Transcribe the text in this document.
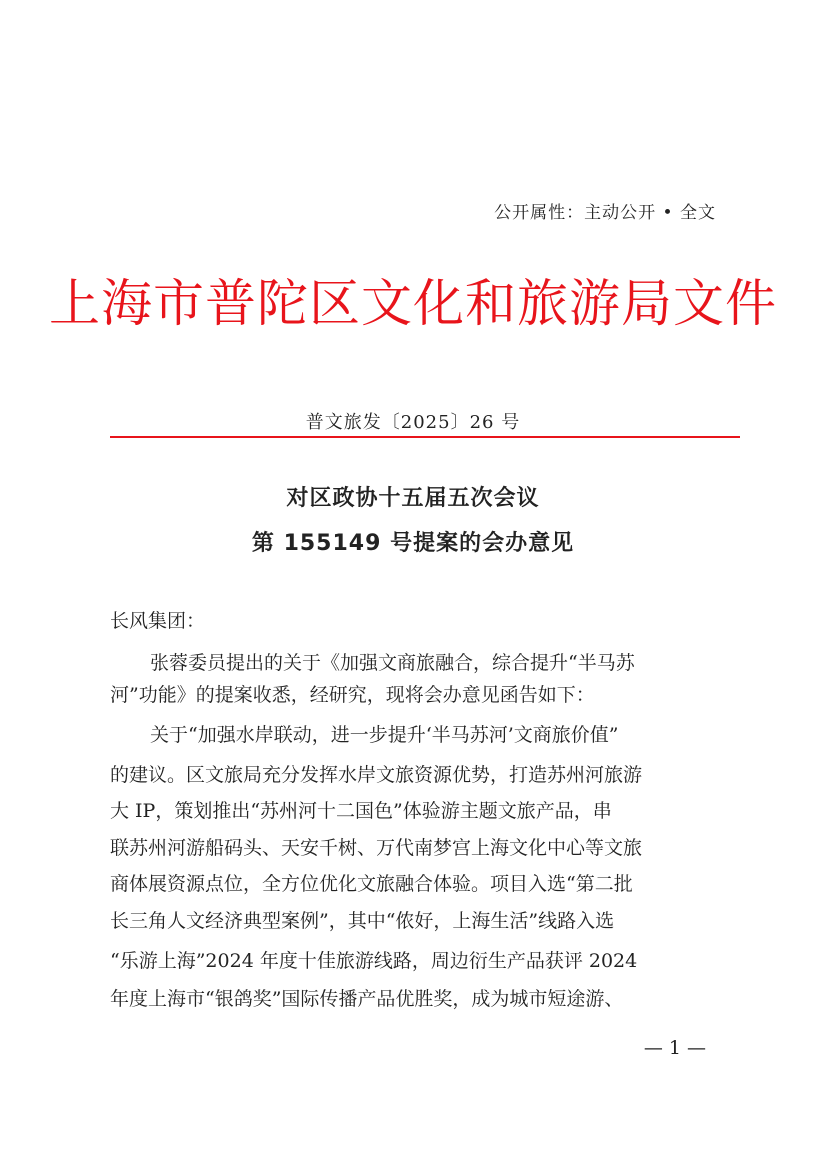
公开属性：主动公开 • 全文
上海市普陀区文化和旅游局文件
普文旅发〔2025〕26 号
对区政协十五届五次会议
第 155149 号提案的会办意见
长风集团：
张蓉委员提出的关于《加强文商旅融合，综合提升“半马苏
河”功能》的提案收悉，经研究，现将会办意见函告如下：
关于“加强水岸联动，进一步提升‘半马苏河’文商旅价值”
的建议。区文旅局充分发挥水岸文旅资源优势，打造苏州河旅游
大 IP，策划推出“苏州河十二国色”体验游主题文旅产品，串
联苏州河游船码头、天安千树、万代南梦宫上海文化中心等文旅
商体展资源点位，全方位优化文旅融合体验。项目入选“第二批
长三角人文经济典型案例”，其中“侬好，上海生活”线路入选
“乐游上海”2024 年度十佳旅游线路，周边衍生产品获评 2024
年度上海市“银鸽奖”国际传播产品优胜奖，成为城市短途游、
— 1 —
